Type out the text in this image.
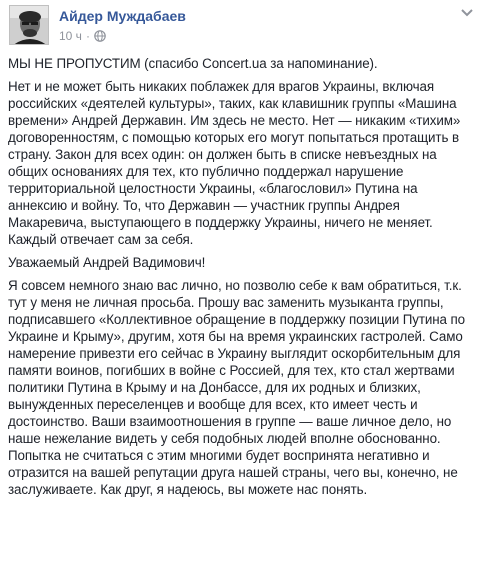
Айдер Муждабаев
10 ч ·

МЫ НЕ ПРОПУСТИМ (спасибо Concert.ua за напоминание).

Нет и не может быть никаких поблажек для врагов Украины, включая российских «деятелей культуры», таких, как клавишник группы «Машина времени» Андрей Державин. Им здесь не место. Нет — никаким «тихим» договоренностям, с помощью которых его могут попытаться протащить в страну. Закон для всех один: он должен быть в списке невъездных на общих основаниях для тех, кто публично поддержал нарушение территориальной целостности Украины, «благословил» Путина на аннексию и войну. То, что Державин — участник группы Андрея Макаревича, выступающего в поддержку Украины, ничего не меняет. Каждый отвечает сам за себя.

Уважаемый Андрей Вадимович!

Я совсем немного знаю вас лично, но позволю себе к вам обратиться, т.к. тут у меня не личная просьба. Прошу вас заменить музыканта группы, подписавшего «Коллективное обращение в поддержку позиции Путина по Украине и Крыму», другим, хотя бы на время украинских гастролей. Само намерение привезти его сейчас в Украину выглядит оскорбительным для памяти воинов, погибших в войне с Россией, для тех, кто стал жертвами политики Путина в Крыму и на Донбассе, для их родных и близких, вынужденных переселенцев и вообще для всех, кто имеет честь и достоинство. Ваши взаимоотношения в группе — ваше личное дело, но наше нежелание видеть у себя подобных людей вполне обоснованно. Попытка не считаться с этим многими будет воспринята негативно и отразится на вашей репутации друга нашей страны, чего вы, конечно, не заслуживаете. Как друг, я надеюсь, вы можете нас понять.
